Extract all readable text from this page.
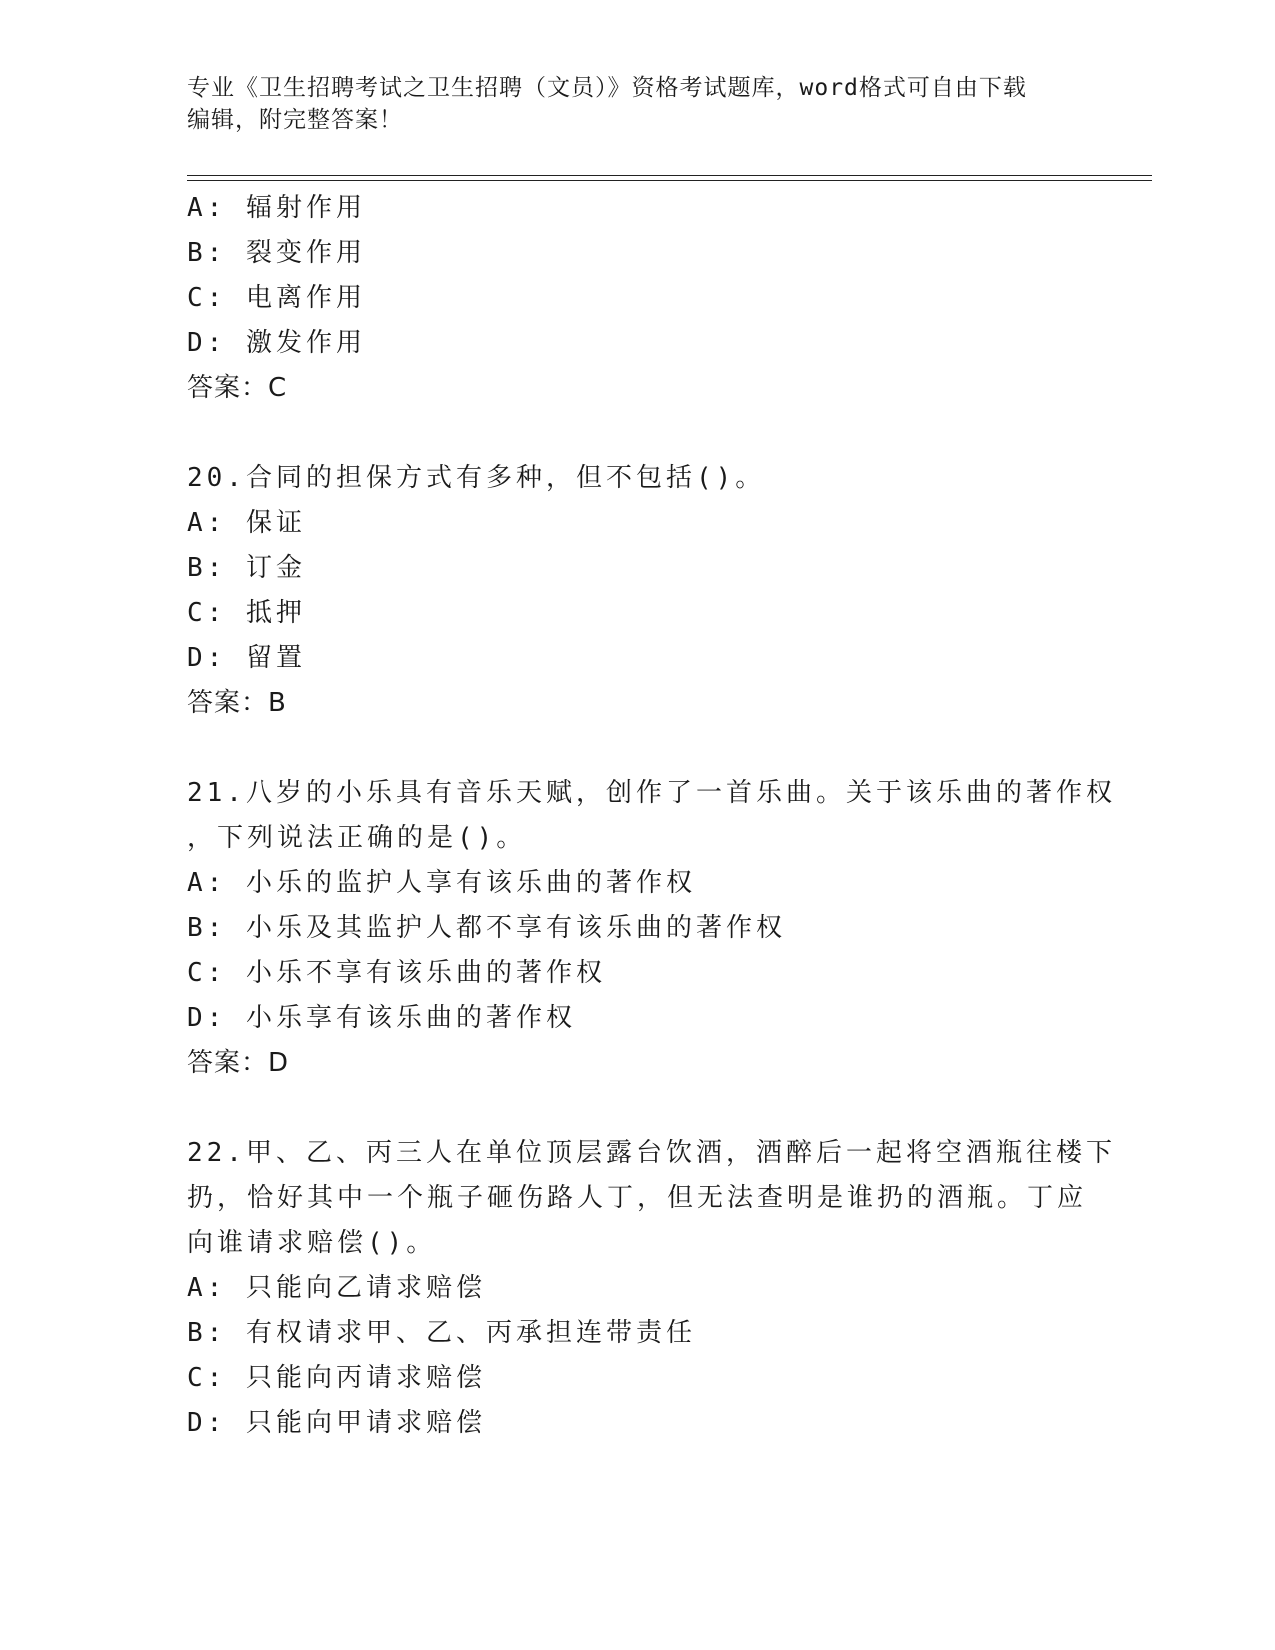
专业《卫生招聘考试之卫生招聘（文员）》资格考试题库，word格式可自由下载
编辑，附完整答案！
A: 辐射作用
B: 裂变作用
C: 电离作用
D: 激发作用
答案：C
20.合同的担保方式有多种，但不包括()。
A: 保证
B: 订金
C: 抵押
D: 留置
答案：B
21.八岁的小乐具有音乐天赋，创作了一首乐曲。关于该乐曲的著作权
，下列说法正确的是()。
A: 小乐的监护人享有该乐曲的著作权
B: 小乐及其监护人都不享有该乐曲的著作权
C: 小乐不享有该乐曲的著作权
D: 小乐享有该乐曲的著作权
答案：D
22.甲、乙、丙三人在单位顶层露台饮酒，酒醉后一起将空酒瓶往楼下
扔，恰好其中一个瓶子砸伤路人丁，但无法查明是谁扔的酒瓶。丁应
向谁请求赔偿()。
A: 只能向乙请求赔偿
B: 有权请求甲、乙、丙承担连带责任
C: 只能向丙请求赔偿
D: 只能向甲请求赔偿
